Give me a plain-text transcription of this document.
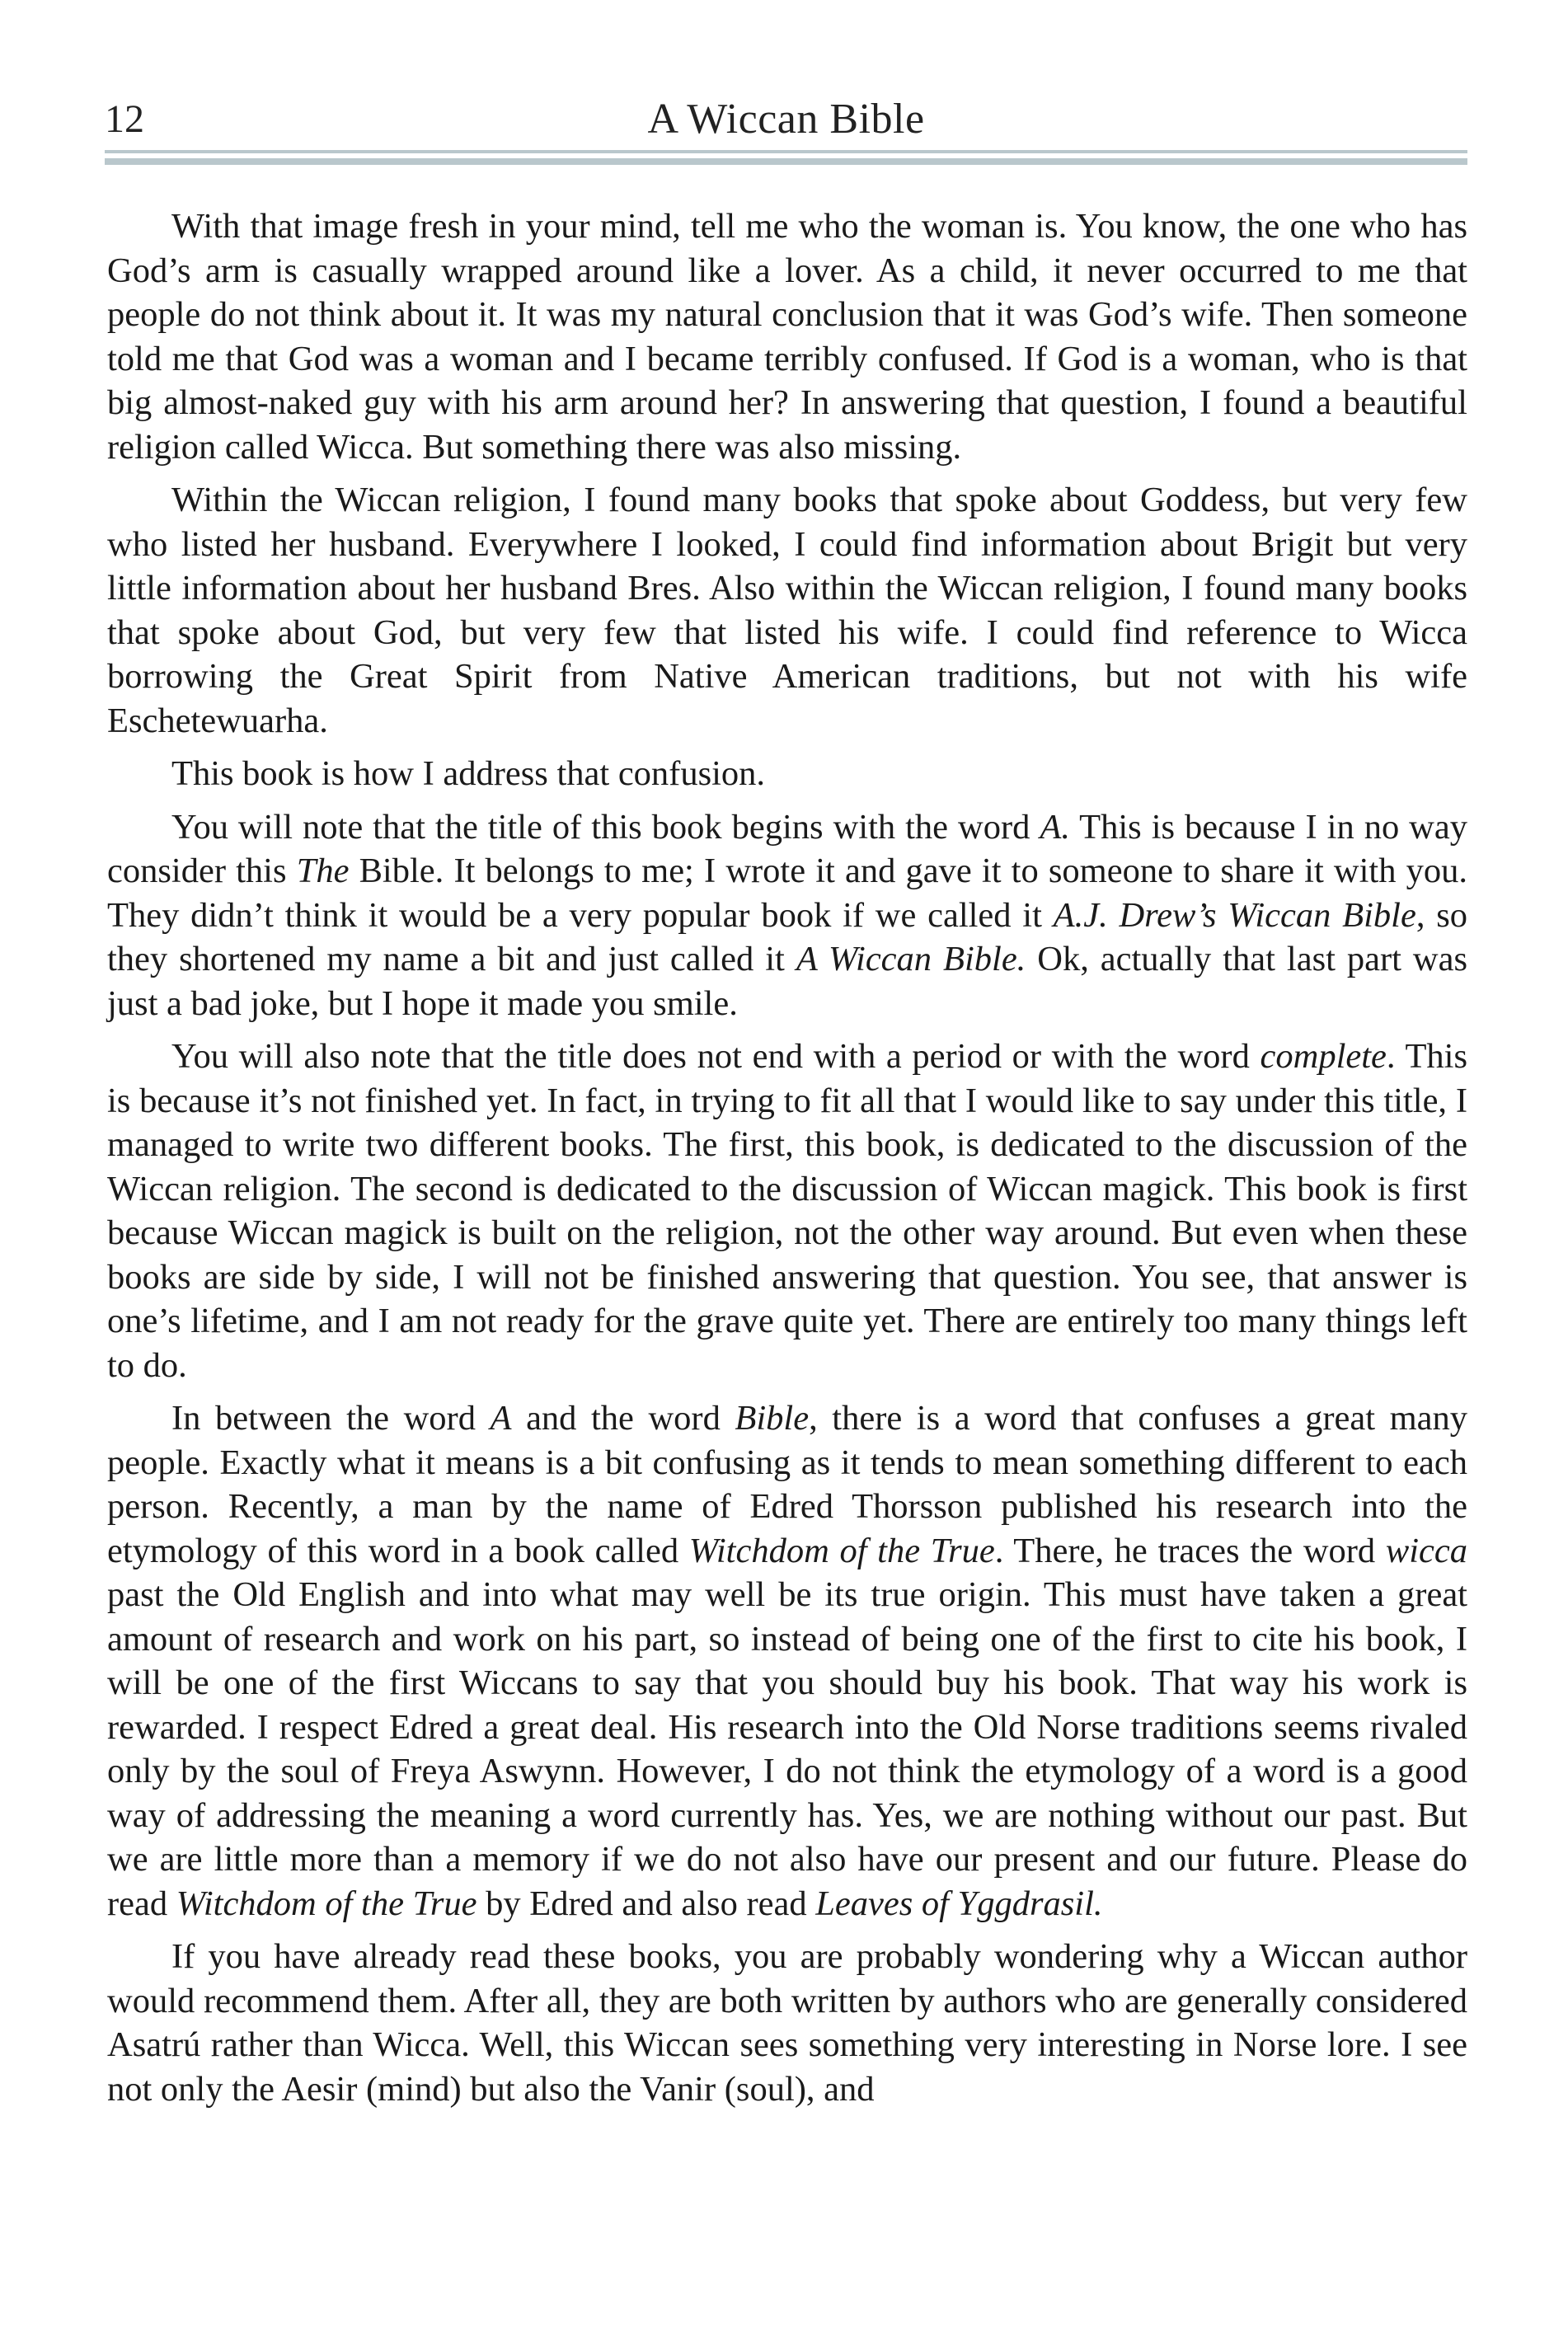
12	A Wiccan Bible

With that image fresh in your mind, tell me who the woman is. You know, the one who has God’s arm is casually wrapped around like a lover. As a child, it never occurred to me that people do not think about it. It was my natural conclusion that it was God’s wife. Then someone told me that God was a woman and I became terribly confused. If God is a woman, who is that big almost-naked guy with his arm around her? In answering that question, I found a beautiful religion called Wicca. But something there was also missing.

Within the Wiccan religion, I found many books that spoke about Goddess, but very few who listed her husband. Everywhere I looked, I could find information about Brigit but very little information about her husband Bres. Also within the Wiccan religion, I found many books that spoke about God, but very few that listed his wife. I could find reference to Wicca borrowing the Great Spirit from Native American traditions, but not with his wife Eschetewuarha.

This book is how I address that confusion.

You will note that the title of this book begins with the word A. This is because I in no way consider this The Bible. It belongs to me; I wrote it and gave it to someone to share it with you. They didn’t think it would be a very popular book if we called it A.J. Drew’s Wiccan Bible, so they shortened my name a bit and just called it A Wiccan Bible. Ok, actually that last part was just a bad joke, but I hope it made you smile.

You will also note that the title does not end with a period or with the word complete. This is because it’s not finished yet. In fact, in trying to fit all that I would like to say under this title, I managed to write two different books. The first, this book, is dedicated to the discussion of the Wiccan religion. The second is dedicated to the discussion of Wiccan magick. This book is first because Wiccan magick is built on the religion, not the other way around. But even when these books are side by side, I will not be finished answering that question. You see, that answer is one’s lifetime, and I am not ready for the grave quite yet. There are entirely too many things left to do.

In between the word A and the word Bible, there is a word that confuses a great many people. Exactly what it means is a bit confusing as it tends to mean something different to each person. Recently, a man by the name of Edred Thorsson published his research into the etymology of this word in a book called Witchdom of the True. There, he traces the word wicca past the Old English and into what may well be its true origin. This must have taken a great amount of research and work on his part, so instead of being one of the first to cite his book, I will be one of the first Wiccans to say that you should buy his book. That way his work is rewarded. I respect Edred a great deal. His research into the Old Norse traditions seems rivaled only by the soul of Freya Aswynn. However, I do not think the etymology of a word is a good way of addressing the meaning a word currently has. Yes, we are nothing without our past. But we are little more than a memory if we do not also have our present and our future. Please do read Witchdom of the True by Edred and also read Leaves of Yggdrasil.

If you have already read these books, you are probably wondering why a Wiccan author would recommend them. After all, they are both written by authors who are generally considered Asatrú rather than Wicca. Well, this Wiccan sees something very interesting in Norse lore. I see not only the Aesir (mind) but also the Vanir (soul), and
